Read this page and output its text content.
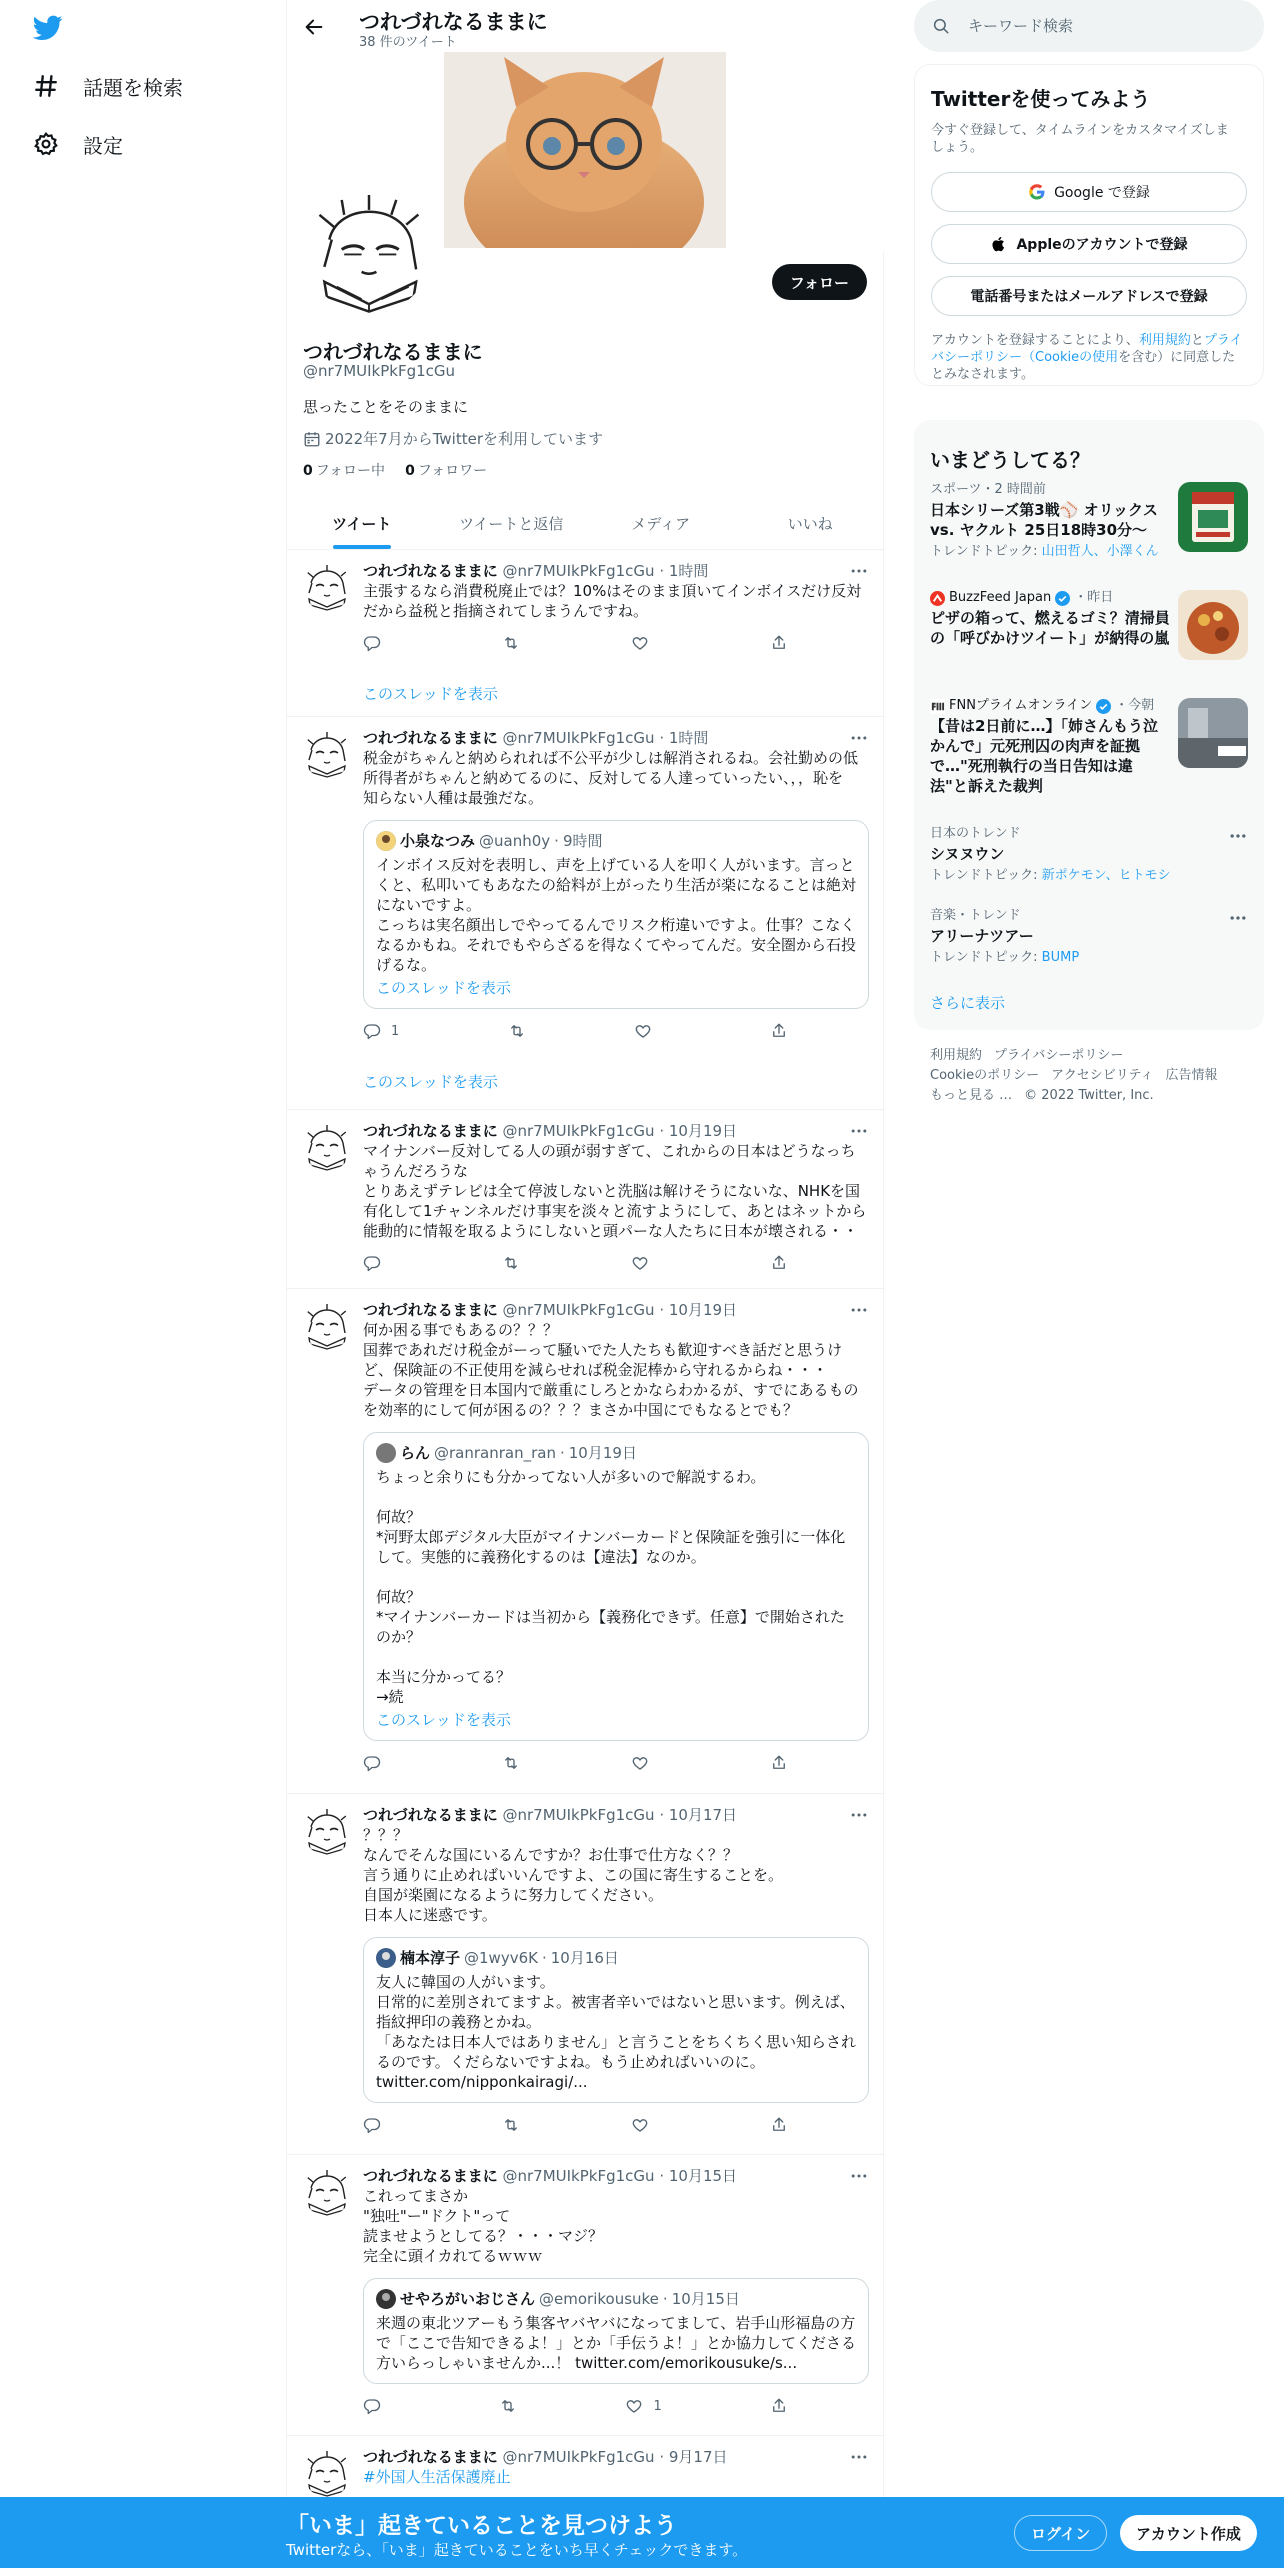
話題を検索
設定
つれづれなるままに
38 件のツイート
フォロー
つれづれなるままに
@nr7MUIkPkFg1cGu
思ったことをそのままに
2022年7月からTwitterを利用しています
0 フォロー中 0 フォロワー
ツイート	ツイートと返信	メディア	いいね
つれづれなるままに @nr7MUIkPkFg1cGu · 1時間
主張するなら消費税廃止では？10%はそのまま頂いてインボイスだけ反対
だから益税と指摘されてしまうんですね。
このスレッドを表示
つれづれなるままに @nr7MUIkPkFg1cGu · 1時間
税金がちゃんと納められれば不公平が少しは解消されるね。会社勤めの低
所得者がちゃんと納めてるのに、反対してる人達っていったい、，，恥を
知らない人種は最強だな。
小泉なつみ @uanh0y · 9時間
インボイス反対を表明し、声を上げている人を叩く人がいます。言っと
くと、私叩いてもあなたの給料が上がったり生活が楽になることは絶対
にないですよ。
こっちは実名顔出しでやってるんでリスク桁違いですよ。仕事？こなく
なるかもね。それでもやらざるを得なくてやってんだ。安全圏から石投
げるな。
このスレッドを表示
1
このスレッドを表示
つれづれなるままに @nr7MUIkPkFg1cGu · 10月19日
マイナンバー反対してる人の頭が弱すぎて、これからの日本はどうなっち
ゃうんだろうな
とりあえずテレビは全て停波しないと洗脳は解けそうにないな、NHKを国
有化して1チャンネルだけ事実を淡々と流すようにして、あとはネットから
能動的に情報を取るようにしないと頭パーな人たちに日本が壊される・・
つれづれなるままに @nr7MUIkPkFg1cGu · 10月19日
何か困る事でもあるの？？？
国葬であれだけ税金がーって騒いでた人たちも歓迎すべき話だと思うけ
ど、保険証の不正使用を減らせれば税金泥棒から守れるからね・・・
データの管理を日本国内で厳重にしろとかならわかるが、すでにあるもの
を効率的にして何が困るの？？？まさか中国にでもなるとでも？
らん @ranranran_ran · 10月19日
ちょっと余りにも分かってない人が多いので解説するわ。

何故？
*河野太郎デジタル大臣がマイナンバーカードと保険証を強引に一体化
して。実態的に義務化するのは【違法】なのか。

何故？
*マイナンバーカードは当初から【義務化できず。任意】で開始された
のか？

本当に分かってる？
→続
このスレッドを表示
つれづれなるままに @nr7MUIkPkFg1cGu · 10月17日
？？？
なんでそんな国にいるんですか？お仕事で仕方なく？？
言う通りに止めればいいんですよ、この国に寄生することを。
自国が楽園になるように努力してください。
日本人に迷惑です。
楠本淳子 @1wyv6K · 10月16日
友人に韓国の人がいます。
日常的に差別されてますよ。被害者辛いではないと思います。例えば、
指紋押印の義務とかね。
「あなたは日本人ではありません」と言うことをちくちく思い知らされ
るのです。くだらないですよね。もう止めればいいのに。
twitter.com/nipponkairagi/...
つれづれなるままに @nr7MUIkPkFg1cGu · 10月15日
これってまさか
"独吐"ー"ドクト"って
読ませようとしてる？・・・マジ？
完全に頭イカれてるｗｗｗ
せやろがいおじさん @emorikousuke · 10月15日
来週の東北ツアーもう集客ヤバヤバになってまして、岩手山形福島の方
で「ここで告知できるよ！」とか「手伝うよ！」とか協力してくださる
方いらっしゃいませんか...！ twitter.com/emorikousuke/s...
1
つれづれなるままに @nr7MUIkPkFg1cGu · 9月17日
#外国人生活保護廃止
キーワード検索
Twitterを使ってみよう
今すぐ登録して、タイムラインをカスタマイズしま
しょう。
Google で登録
Appleのアカウントで登録
電話番号またはメールアドレスで登録
アカウントを登録することにより、利用規約とプライバシーポリシー（Cookieの使用を含む）に同意したとみなされます。
いまどうしてる？
スポーツ・2 時間前
日本シリーズ第3戦⚾ オリックス vs. ヤクルト 25日18時30分〜
トレンドトピック: 山田哲人、小澤くん
BuzzFeed Japan ・昨日
ピザの箱って、燃えるゴミ？清掃員の「呼びかけツイート」が納得の嵐
FNNプライムオンライン ・今朝
【昔は2日前に…】「姉さんもう泣かんで」元死刑囚の肉声を証拠で…"死刑執行の当日告知は違法"と訴えた裁判
日本のトレンド
シヌヌウン
トレンドトピック: 新ポケモン、ヒトモシ
音楽・トレンド
アリーナツアー
トレンドトピック: BUMP
さらに表示
利用規約 プライバシーポリシー
Cookieのポリシー アクセシビリティ 広告情報
もっと見る … © 2022 Twitter, Inc.
「いま」起きていることを見つけよう
Twitterなら、「いま」起きていることをいち早くチェックできます。
ログイン	アカウント作成
